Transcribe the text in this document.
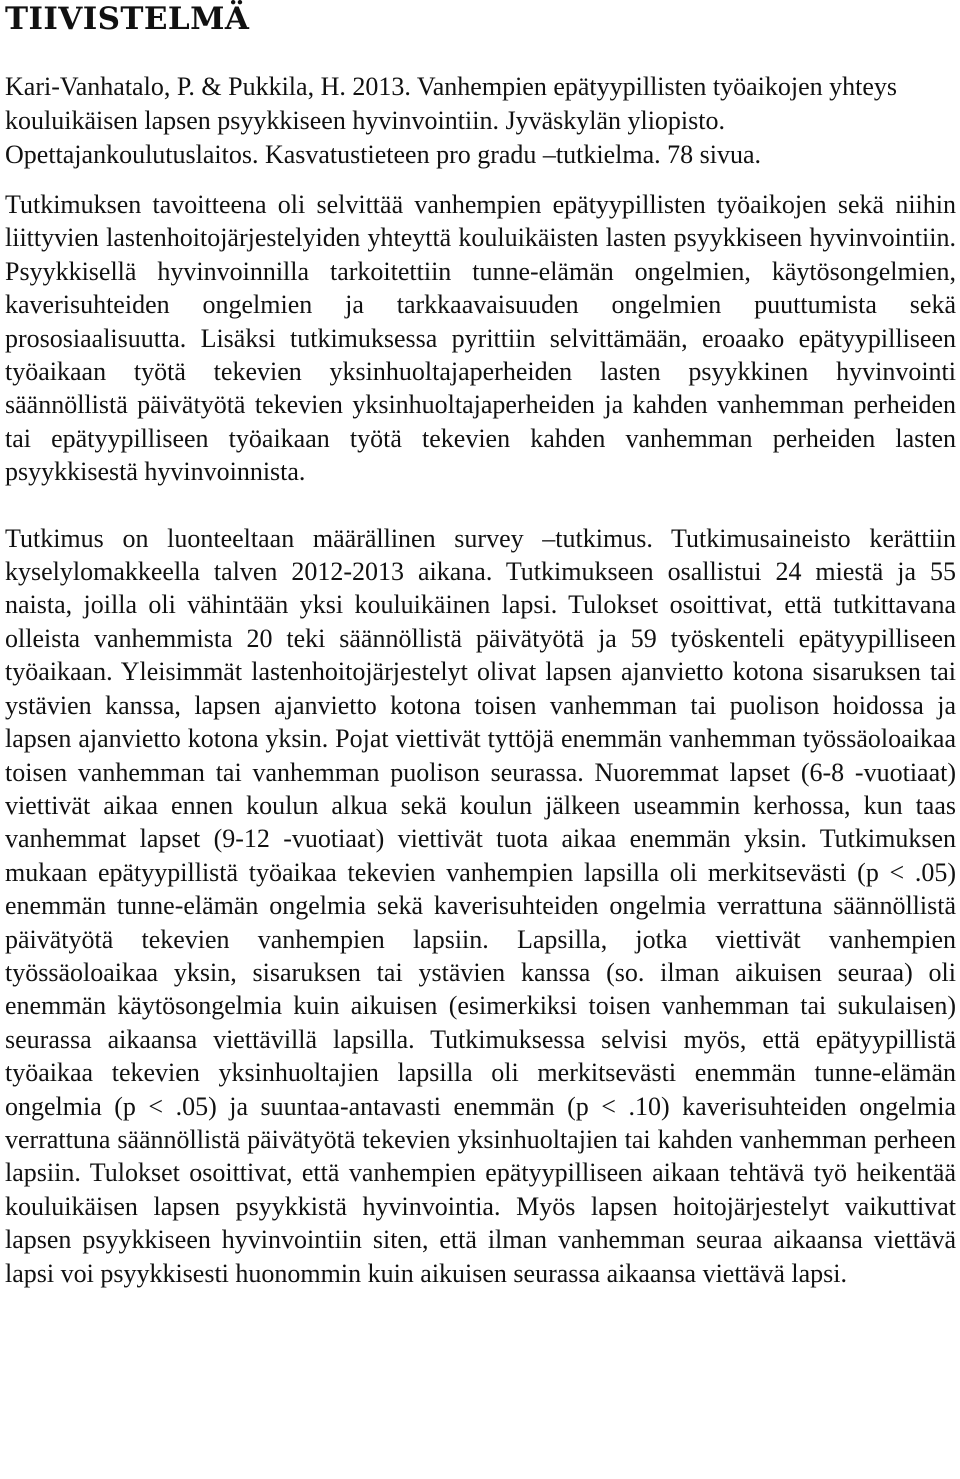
TIIVISTELMÄ

Kari-Vanhatalo, P. & Pukkila, H. 2013. Vanhempien epätyypillisten työaikojen yhteys kouluikäisen lapsen psyykkiseen hyvinvointiin. Jyväskylän yliopisto. Opettajankoulutuslaitos. Kasvatustieteen pro gradu –tutkielma. 78 sivua.

Tutkimuksen tavoitteena oli selvittää vanhempien epätyypillisten työaikojen sekä niihin liittyvien lastenhoitojärjestelyiden yhteyttä kouluikäisten lasten psyykkiseen hyvinvointiin. Psyykkisellä hyvinvoinnilla tarkoitettiin tunne-elämän ongelmien, käytösongelmien, kaverisuhteiden ongelmien ja tarkkaavaisuuden ongelmien puuttumista sekä prososiaalisuutta. Lisäksi tutkimuksessa pyrittiin selvittämään, eroaako epätyypilliseen työaikaan työtä tekevien yksinhuoltajaperheiden lasten psyykkinen hyvinvointi säännöllistä päivätyötä tekevien yksinhuoltajaperheiden ja kahden vanhemman perheiden tai epätyypilliseen työaikaan työtä tekevien kahden vanhemman perheiden lasten psyykkisestä hyvinvoinnista.

Tutkimus on luonteeltaan määrällinen survey –tutkimus. Tutkimusaineisto kerättiin kyselylomakkeella talven 2012-2013 aikana. Tutkimukseen osallistui 24 miestä ja 55 naista, joilla oli vähintään yksi kouluikäinen lapsi. Tulokset osoittivat, että tutkittavana olleista vanhemmista 20 teki säännöllistä päivätyötä ja 59 työskenteli epätyypilliseen työaikaan. Yleisimmät lastenhoitojärjestelyt olivat lapsen ajanvietto kotona sisaruksen tai ystävien kanssa, lapsen ajanvietto kotona toisen vanhemman tai puolison hoidossa ja lapsen ajanvietto kotona yksin. Pojat viettivät tyttöjä enemmän vanhemman työssäoloaikaa toisen vanhemman tai vanhemman puolison seurassa. Nuoremmat lapset (6-8 -vuotiaat) viettivät aikaa ennen koulun alkua sekä koulun jälkeen useammin kerhossa, kun taas vanhemmat lapset (9-12 -vuotiaat) viettivät tuota aikaa enemmän yksin. Tutkimuksen mukaan epätyypillistä työaikaa tekevien vanhempien lapsilla oli merkitsevästi (p < .05) enemmän tunne-elämän ongelmia sekä kaverisuhteiden ongelmia verrattuna säännöllistä päivätyötä tekevien vanhempien lapsiin. Lapsilla, jotka viettivät vanhempien työssäoloaikaa yksin, sisaruksen tai ystävien kanssa (so. ilman aikuisen seuraa) oli enemmän käytösongelmia kuin aikuisen (esimerkiksi toisen vanhemman tai sukulaisen) seurassa aikaansa viettävillä lapsilla. Tutkimuksessa selvisi myös, että epätyypillistä työaikaa tekevien yksinhuoltajien lapsilla oli merkitsevästi enemmän tunne-elämän ongelmia (p < .05) ja suuntaa-antavasti enemmän (p < .10) kaverisuhteiden ongelmia verrattuna säännöllistä päivätyötä tekevien yksinhuoltajien tai kahden vanhemman perheen lapsiin. Tulokset osoittivat, että vanhempien epätyypilliseen aikaan tehtävä työ heikentää kouluikäisen lapsen psyykkistä hyvinvointia. Myös lapsen hoitojärjestelyt vaikuttivat lapsen psyykkiseen hyvinvointiin siten, että ilman vanhemman seuraa aikaansa viettävä lapsi voi psyykkisesti huonommin kuin aikuisen seurassa aikaansa viettävä lapsi.
